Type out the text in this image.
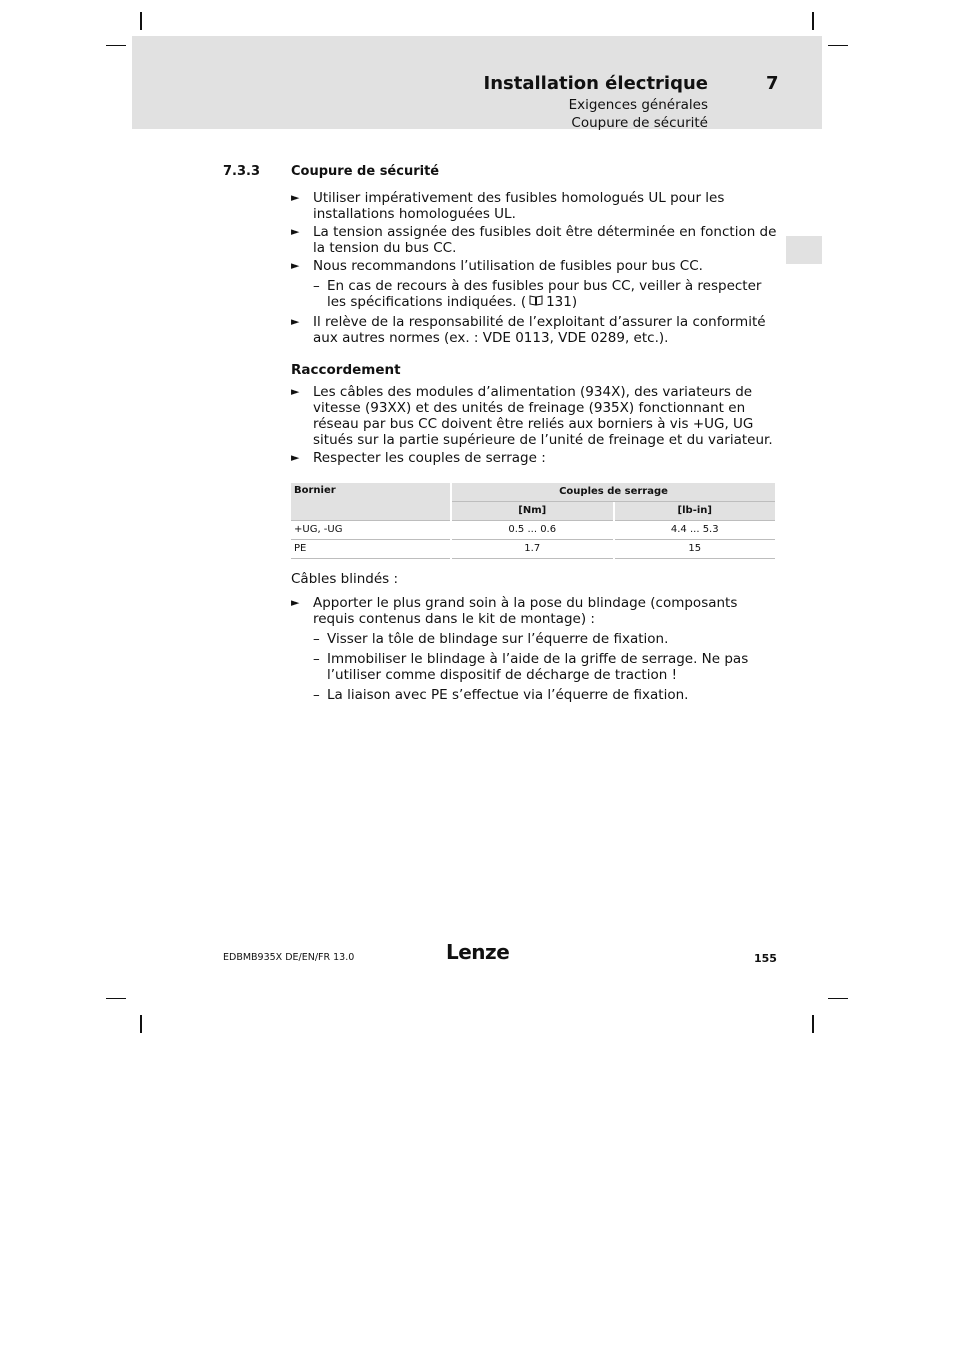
Installation électrique	7
Exigences générales
Coupure de sécurité
7.3.3 Coupure de sécurité
► Utiliser impérativement des fusibles homologués UL pour les installations homologuées UL.
► La tension assignée des fusibles doit être déterminée en fonction de la tension du bus CC.
► Nous recommandons l’utilisation de fusibles pour bus CC.
– En cas de recours à des fusibles pour bus CC, veiller à respecter les spécifications indiquées. ( 131)
► Il relève de la responsabilité de l’exploitant d’assurer la conformité aux autres normes (ex. : VDE 0113, VDE 0289, etc.).
Raccordement
► Les câbles des modules d’alimentation (934X), des variateurs de vitesse (93XX) et des unités de freinage (935X) fonctionnant en réseau par bus CC doivent être reliés aux borniers à vis +UG, UG situés sur la partie supérieure de l’unité de freinage et du variateur.
► Respecter les couples de serrage :
Bornier	Couples de serrage	
	[Nm]	[lb-in]
+UG, -UG	0.5 ... 0.6	4.4 ... 5.3
PE	1.7	15
Câbles blindés :
► Apporter le plus grand soin à la pose du blindage (composants requis contenus dans le kit de montage) :
– Visser la tôle de blindage sur l’équerre de fixation.
– Immobiliser le blindage à l’aide de la griffe de serrage. Ne pas l’utiliser comme dispositif de décharge de traction !
– La liaison avec PE s’effectue via l’équerre de fixation.
EDBMB935X DE/EN/FR 13.0	Lenze	155
